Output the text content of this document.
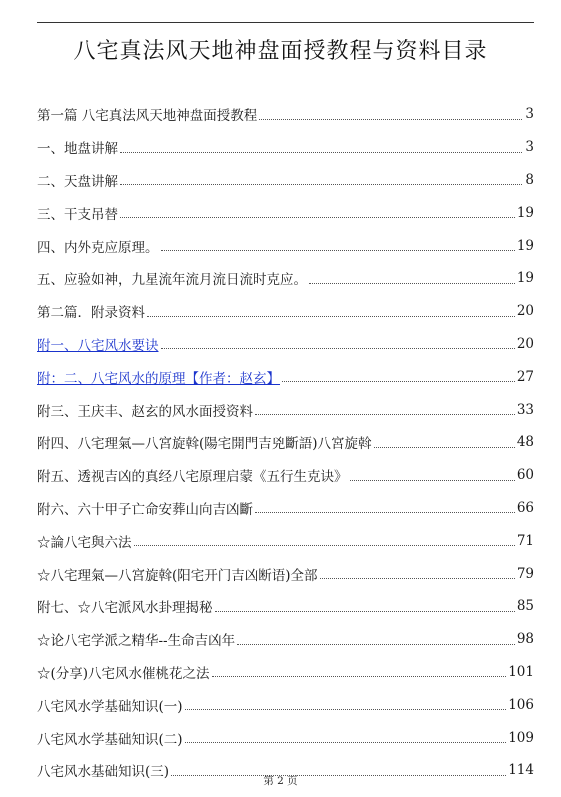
八宅真法风天地神盘面授教程与资料目录
第一篇 八宅真法风天地神盘面授教程	3
一、地盘讲解	3
二、天盘讲解	8
三、干支吊替	19
四、内外克应原理。	19
五、应验如神，九星流年流月流日流时克应。	19
第二篇．附录资料	20
附一、八宅风水要诀	20
附：二、八宅风水的原理【作者：赵玄】	27
附三、王庆丰、赵玄的风水面授资料	33
附四、八宅理氣—八宮旋斡(陽宅開門吉兇斷語)八宮旋斡	48
附五、透视吉凶的真经八宅原理启蒙《五行生克诀》	60
附六、六十甲子亡命安葬山向吉凶斷	66
☆論八宅與六法	71
☆八宅理氣—八宮旋斡(阳宅开门吉凶断语)全部	79
附七、☆八宅派风水卦理揭秘	85
☆论八宅学派之精华--生命吉凶年	98
☆(分享)八宅风水催桃花之法	101
八宅风水学基础知识(一)	106
八宅风水学基础知识(二)	109
八宅风水基础知识(三)	114
第 2 页
